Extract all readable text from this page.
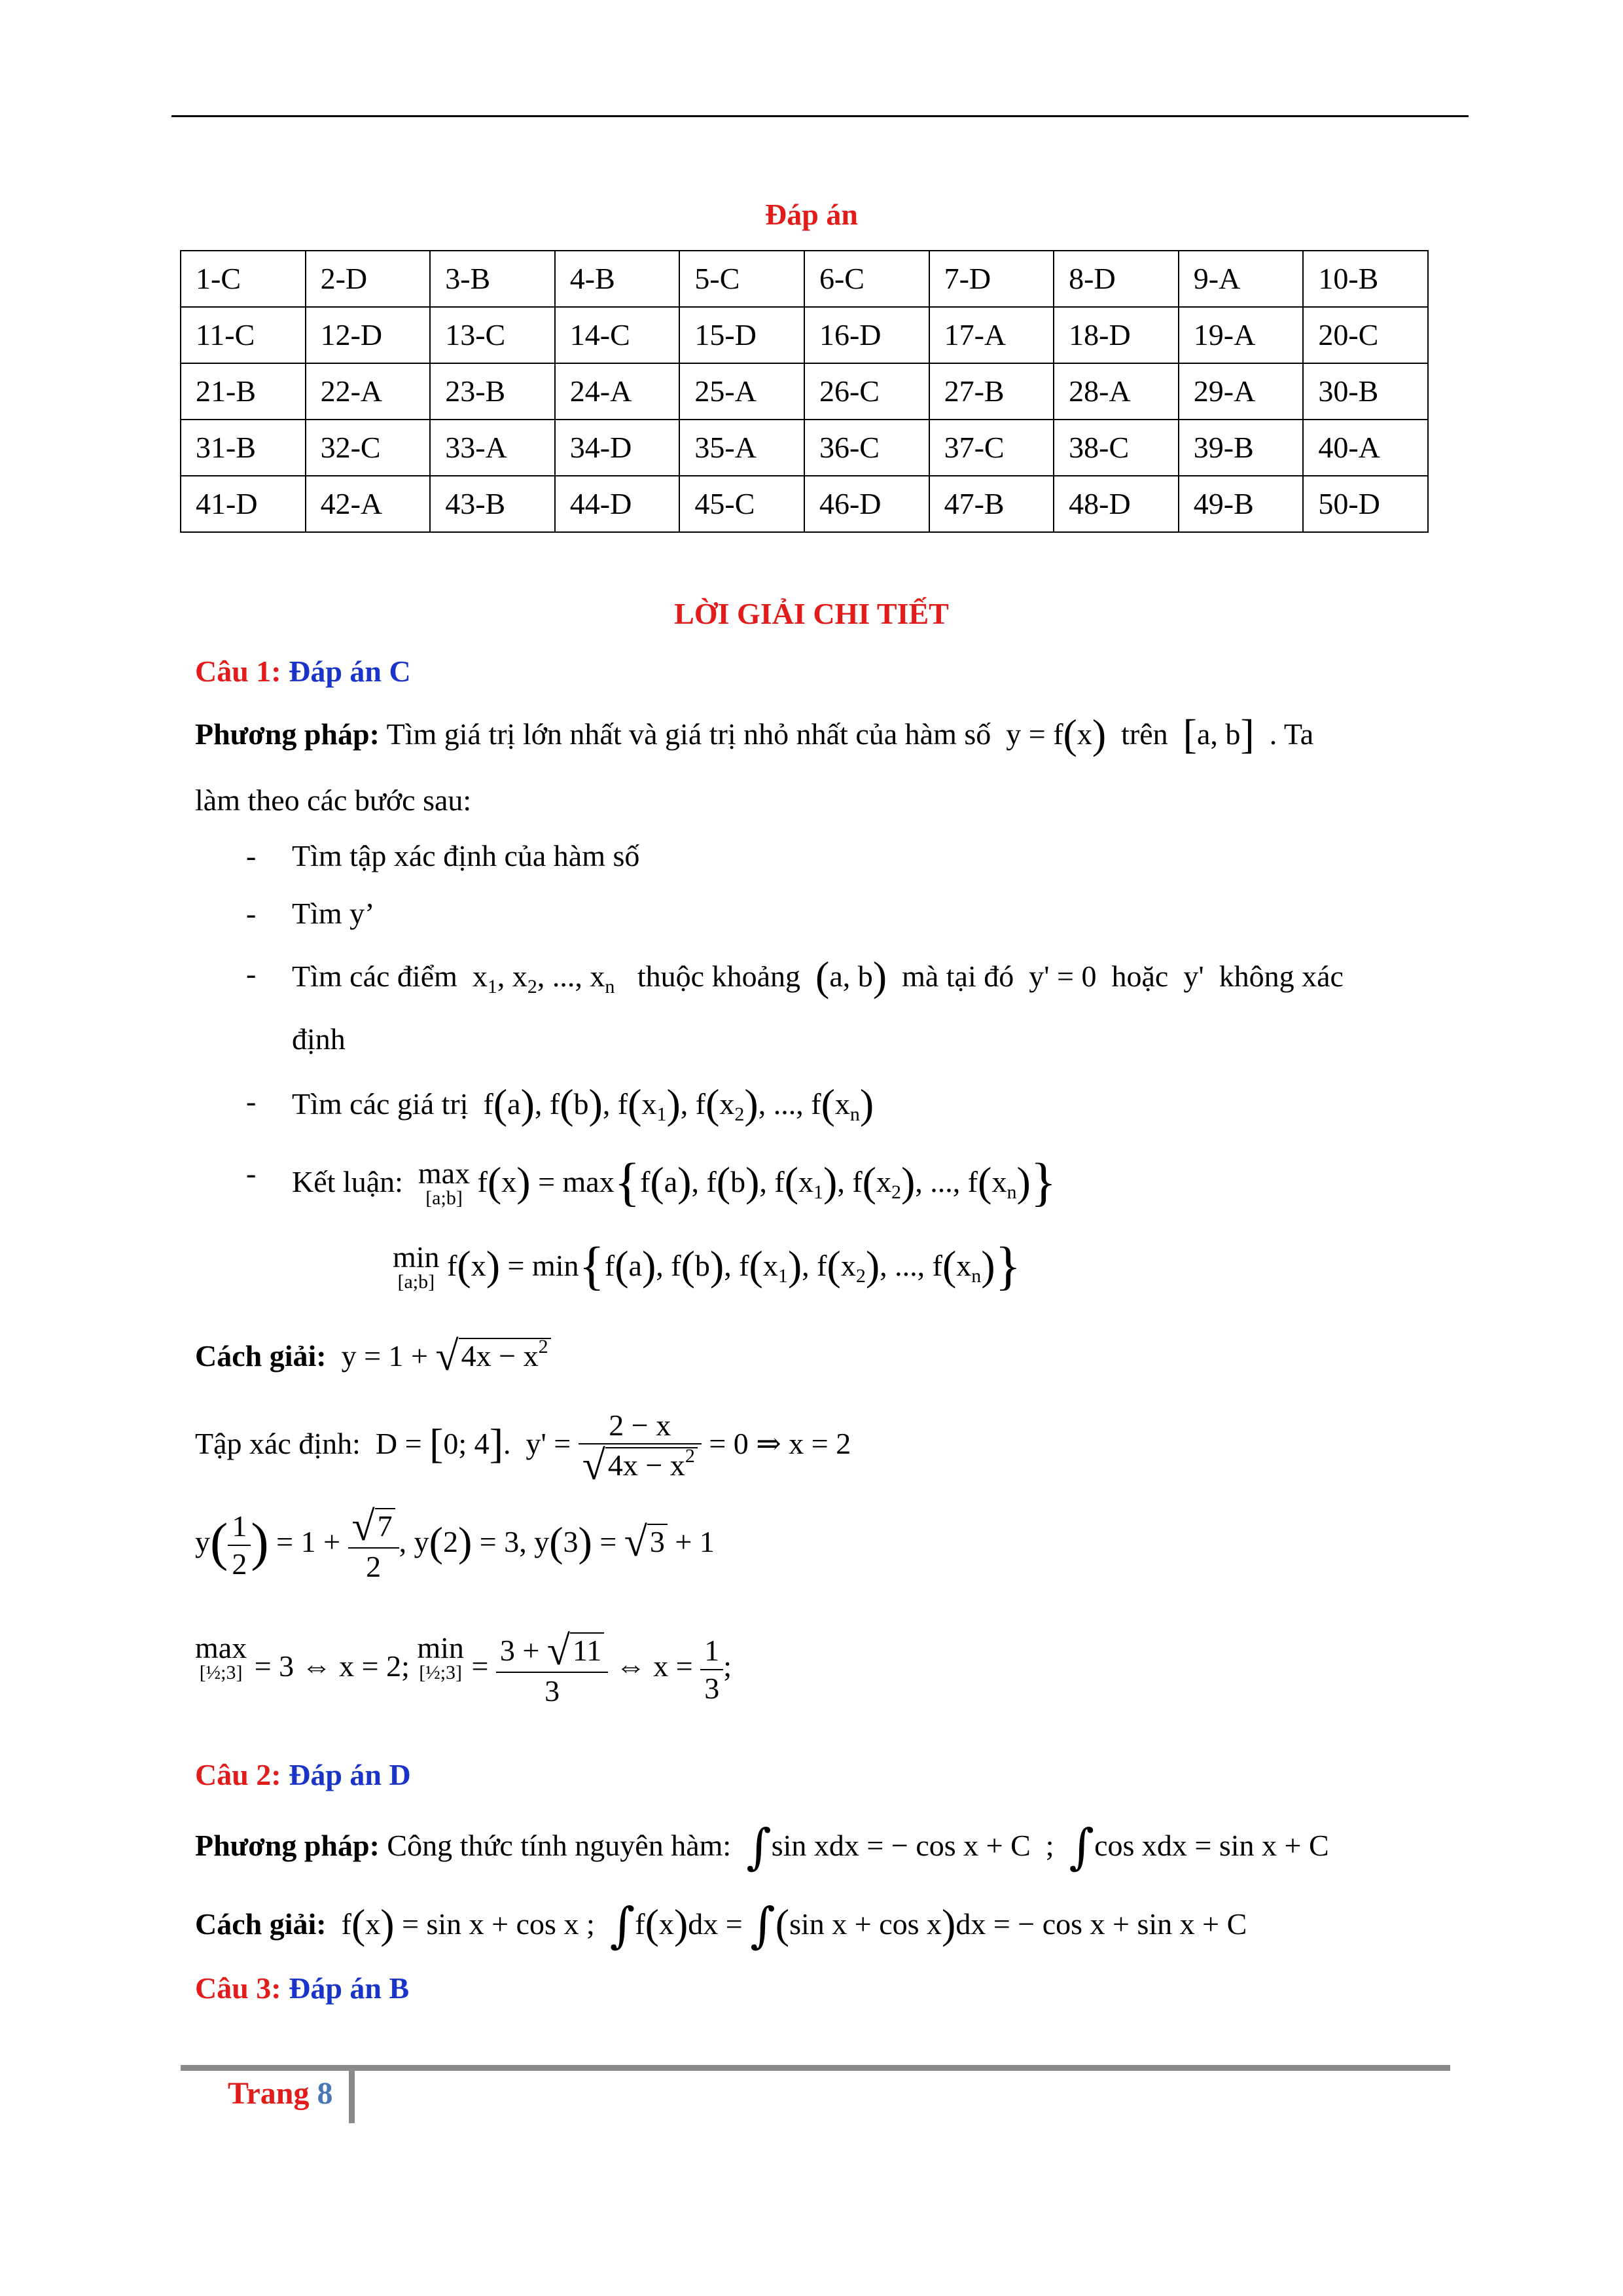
Đáp án
1-C	2-D	3-B	4-B	5-C	6-C	7-D	8-D	9-A	10-B
11-C	12-D	13-C	14-C	15-D	16-D	17-A	18-D	19-A	20-C
21-B	22-A	23-B	24-A	25-A	26-C	27-B	28-A	29-A	30-B
31-B	32-C	33-A	34-D	35-A	36-C	37-C	38-C	39-B	40-A
41-D	42-A	43-B	44-D	45-C	46-D	47-B	48-D	49-B	50-D
LỜI GIẢI CHI TIẾT
Câu 1: Đáp án C
Phương pháp: Tìm giá trị lớn nhất và giá trị nhỏ nhất của hàm số  y = f(x) trên [a, b] . Ta
làm theo các bước sau:
- Tìm tập xác định của hàm số
- Tìm y’
- Tìm các điểm  $x_1$, $x_2$, ..., $x_n$ thuộc khoảng (a, b) mà tại đó  y' = 0  hoặc  y'  không xác
định
- Tìm các giá trị  f(a), f(b), $f(x_1)$, $f(x_2)$, ..., $f(x_n)$
- Kết luận: max
[a;b] f(x) = max{f(a), f(b), $f(x_1)$, $f(x_2)$, ..., $f(x_n)$}
min
[a;b] f(x) = min{f(a), f(b), $f(x_1)$, $f(x_2)$, ..., $f(x_n)$}
Cách giải:  $y = 1 + √4x - x^2$
Tập xác định:  D = [0; 4].  $y' = \frac{2 - x}{√4x - x^2} = 0$ ⇒ x = 2
$y( \frac{1}{2}$ ) = $1 + \frac{√7}{2}$ , y(2) = 3, y(3) = √3 + 1
max
[½;3] = 3 ⇔ x = 2;
min
[½;3] = $\frac{3 + √11}{3}$ ⇔ $x = \frac{1}{3}$ ;
Câu 2: Đáp án D
Phương pháp: Công thức tính nguyên hàm: ∫sin xdx = − cos x + C  ;  ∫cos xdx = sin x + C
Cách giải:  f(x) = sin x + cos x ;  ∫f(x)dx = ∫(sin x + cos x)dx = − cos x + sin x + C
Câu 3: Đáp án B
Trang 8
